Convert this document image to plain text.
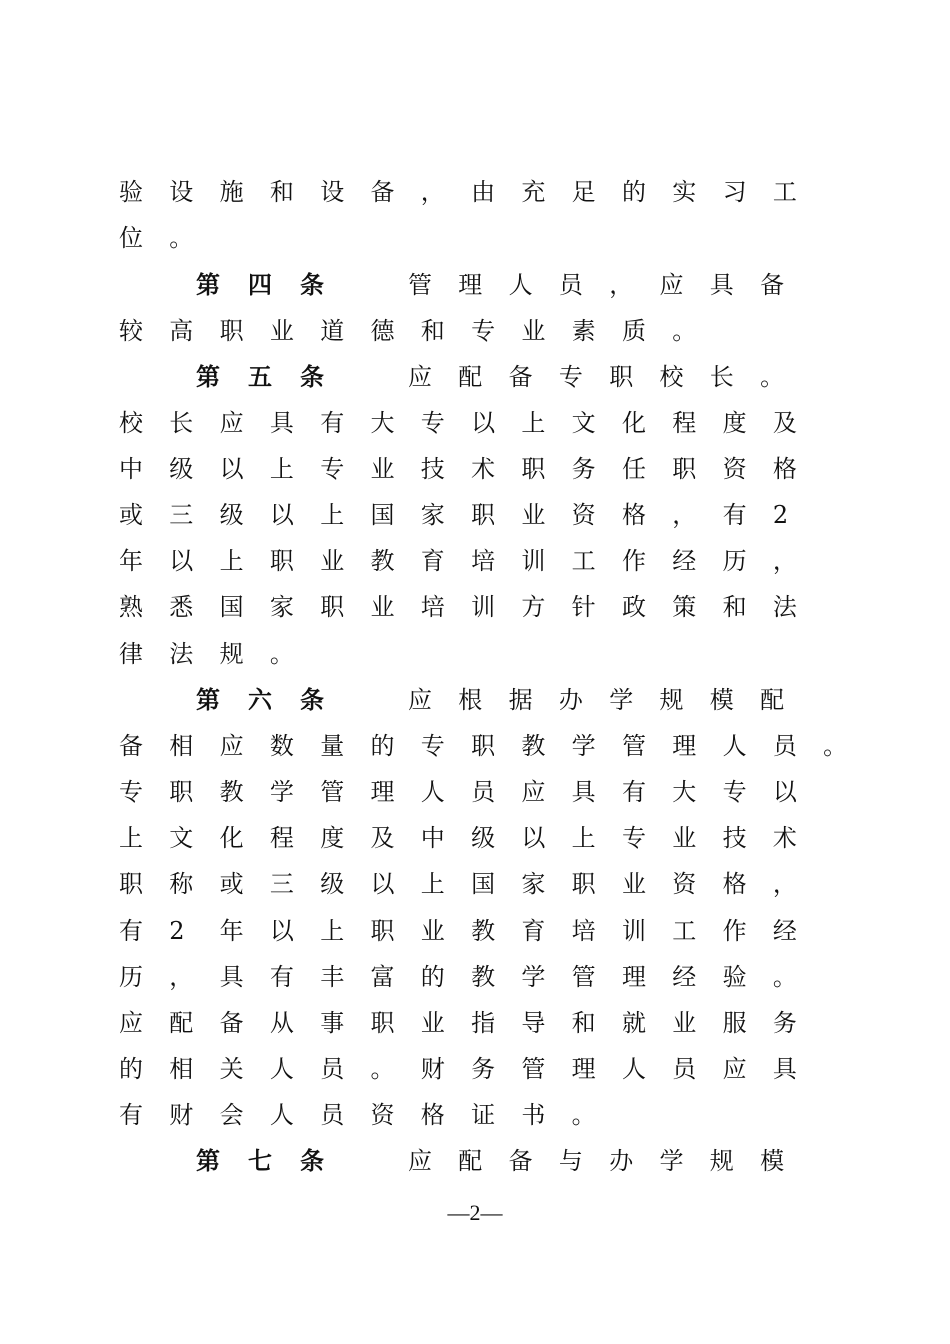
验 设 施 和 设 备 ， 由 充 足 的 实 习 工
位 。
第 四 条	管 理 人 员 ， 应 具 备
较 高 职 业 道 德 和 专 业 素 质 。
第 五 条	应 配 备 专 职 校 长 。
校 长 应 具 有 大 专 以 上 文 化 程 度 及
中 级 以 上 专 业 技 术 职 务 任 职 资 格
或 三 级 以 上 国 家 职 业 资 格 ， 有 2
年 以 上 职 业 教 育 培 训 工 作 经 历 ，
熟 悉 国 家 职 业 培 训 方 针 政 策 和 法
律 法 规 。
第 六 条	应 根 据 办 学 规 模 配
备 相 应 数 量 的 专 职 教 学 管 理 人 员 。
专 职 教 学 管 理 人 员 应 具 有 大 专 以
上 文 化 程 度 及 中 级 以 上 专 业 技 术
职 称 或 三 级 以 上 国 家 职 业 资 格 ，
有 2 年 以 上 职 业 教 育 培 训 工 作 经
历 ， 具 有 丰 富 的 教 学 管 理 经 验 。
应 配 备 从 事 职 业 指 导 和 就 业 服 务
的 相 关 人 员 。 财 务 管 理 人 员 应 具
有 财 会 人 员 资 格 证 书 。
第 七 条	应 配 备 与 办 学 规 模
—2—
